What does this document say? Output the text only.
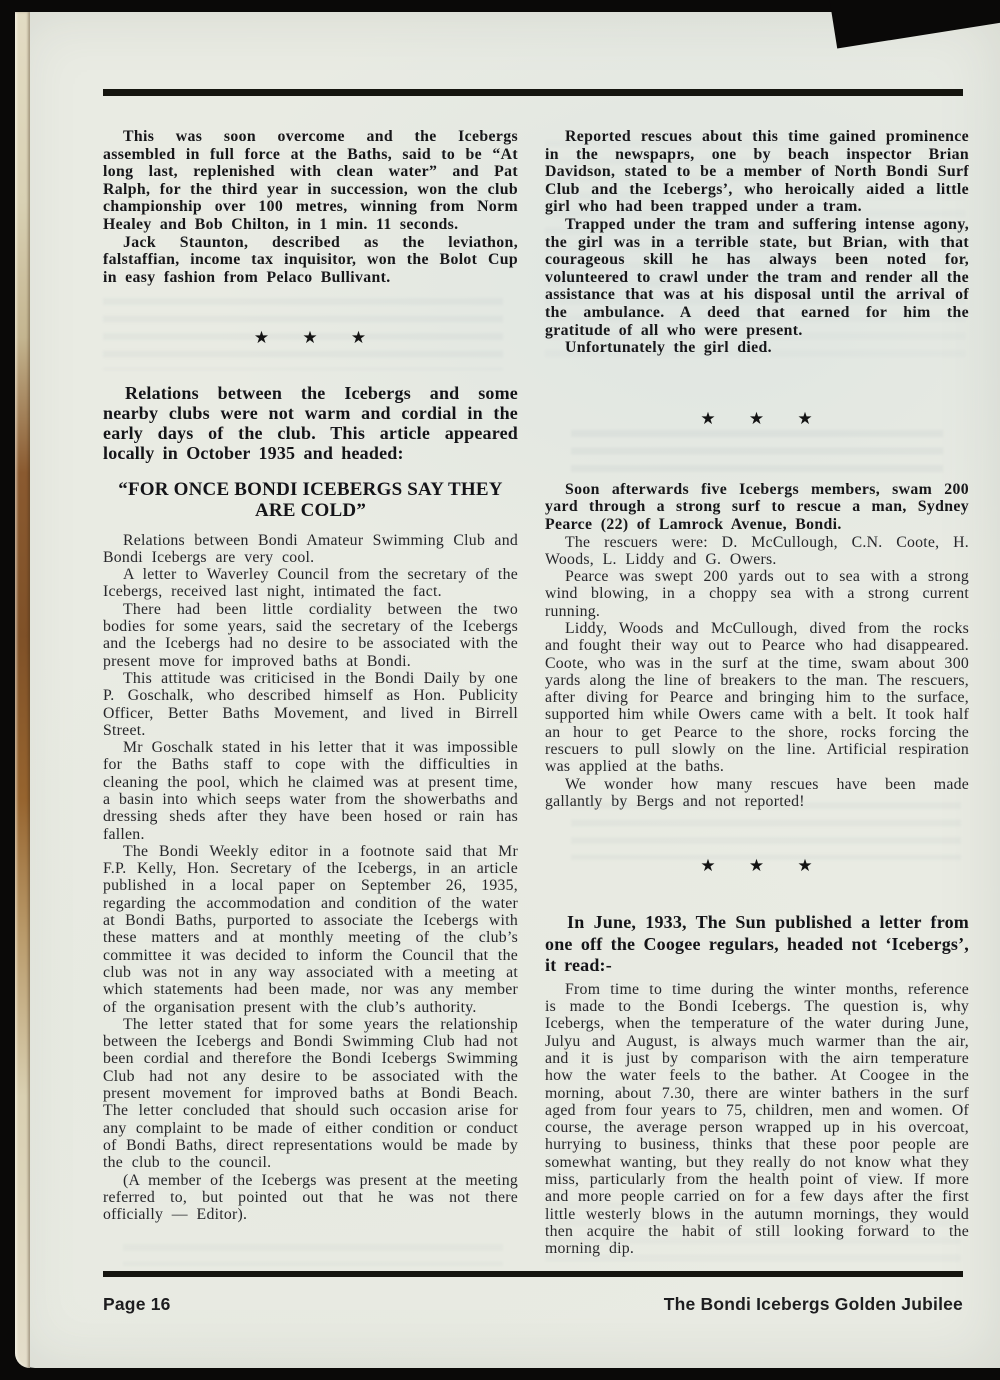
This was soon overcome and the Icebergs assembled in full force at the Baths, said to be “At long last, replenished with clean water” and Pat Ralph, for the third year in succession, won the club championship over 100 metres, winning from Norm Healey and Bob Chilton, in 1 min. 11 seconds.

Jack Staunton, described as the leviathon, falstaffian, income tax inquisitor, won the Bolot Cup in easy fashion from Pelaco Bullivant.

★ ★ ★

Relations between the Icebergs and some nearby clubs were not warm and cordial in the early days of the club. This article appeared locally in October 1935 and headed:

“FOR ONCE BONDI ICEBERGS SAY THEY ARE COLD”

Relations between Bondi Amateur Swimming Club and Bondi Icebergs are very cool.

A letter to Waverley Council from the secretary of the Icebergs, received last night, intimated the fact.

There had been little cordiality between the two bodies for some years, said the secretary of the Icebergs and the Icebergs had no desire to be associated with the present move for improved baths at Bondi.

This attitude was criticised in the Bondi Daily by one P. Goschalk, who described himself as Hon. Publicity Officer, Better Baths Movement, and lived in Birrell Street.

Mr Goschalk stated in his letter that it was impossible for the Baths staff to cope with the difficulties in cleaning the pool, which he claimed was at present time, a basin into which seeps water from the showerbaths and dressing sheds after they have been hosed or rain has fallen.

The Bondi Weekly editor in a footnote said that Mr F.P. Kelly, Hon. Secretary of the Icebergs, in an article published in a local paper on September 26, 1935, regarding the accommodation and condition of the water at Bondi Baths, purported to associate the Icebergs with these matters and at monthly meeting of the club’s committee it was decided to inform the Council that the club was not in any way associated with a meeting at which statements had been made, nor was any member of the organisation present with the club’s authority.

The letter stated that for some years the relationship between the Icebergs and Bondi Swimming Club had not been cordial and therefore the Bondi Icebergs Swimming Club had not any desire to be associated with the present movement for improved baths at Bondi Beach. The letter concluded that should such occasion arise for any complaint to be made of either condition or conduct of Bondi Baths, direct representations would be made by the club to the council.

(A member of the Icebergs was present at the meeting referred to, but pointed out that he was not there officially — Editor).

Reported rescues about this time gained prominence in the newspaprs, one by beach inspector Brian Davidson, stated to be a member of North Bondi Surf Club and the Icebergs’, who heroically aided a little girl who had been trapped under a tram.

Trapped under the tram and suffering intense agony, the girl was in a terrible state, but Brian, with that courageous skill he has always been noted for, volunteered to crawl under the tram and render all the assistance that was at his disposal until the arrival of the ambulance. A deed that earned for him the gratitude of all who were present.

Unfortunately the girl died.

★ ★ ★

Soon afterwards five Icebergs members, swam 200 yard through a strong surf to rescue a man, Sydney Pearce (22) of Lamrock Avenue, Bondi.

The rescuers were: D. McCullough, C.N. Coote, H. Woods, L. Liddy and G. Owers.

Pearce was swept 200 yards out to sea with a strong wind blowing, in a choppy sea with a strong current running.

Liddy, Woods and McCullough, dived from the rocks and fought their way out to Pearce who had disappeared. Coote, who was in the surf at the time, swam about 300 yards along the line of breakers to the man. The rescuers, after diving for Pearce and bringing him to the surface, supported him while Owers came with a belt. It took half an hour to get Pearce to the shore, rocks forcing the rescuers to pull slowly on the line. Artificial respiration was applied at the baths.

We wonder how many rescues have been made gallantly by Bergs and not reported!

★ ★ ★
In June, 1933, The Sun published a letter from one off the Coogee regulars, headed not ‘Icebergs’, it read:-

From time to time during the winter months, reference is made to the Bondi Icebergs. The question is, why Icebergs, when the temperature of the water during June, Julyu and August, is always much warmer than the air, and it is just by comparison with the airn temperature how the water feels to the bather. At Coogee in the morning, about 7.30, there are winter bathers in the surf aged from four years to 75, children, men and women. Of course, the average person wrapped up in his overcoat, hurrying to business, thinks that these poor people are somewhat wanting, but they really do not know what they miss, particularly from the health point of view. If more and more people carried on for a few days after the first little westerly blows in the autumn mornings, they would then acquire the habit of still looking forward to the morning dip.

Page 16	The Bondi Icebergs Golden Jubilee
